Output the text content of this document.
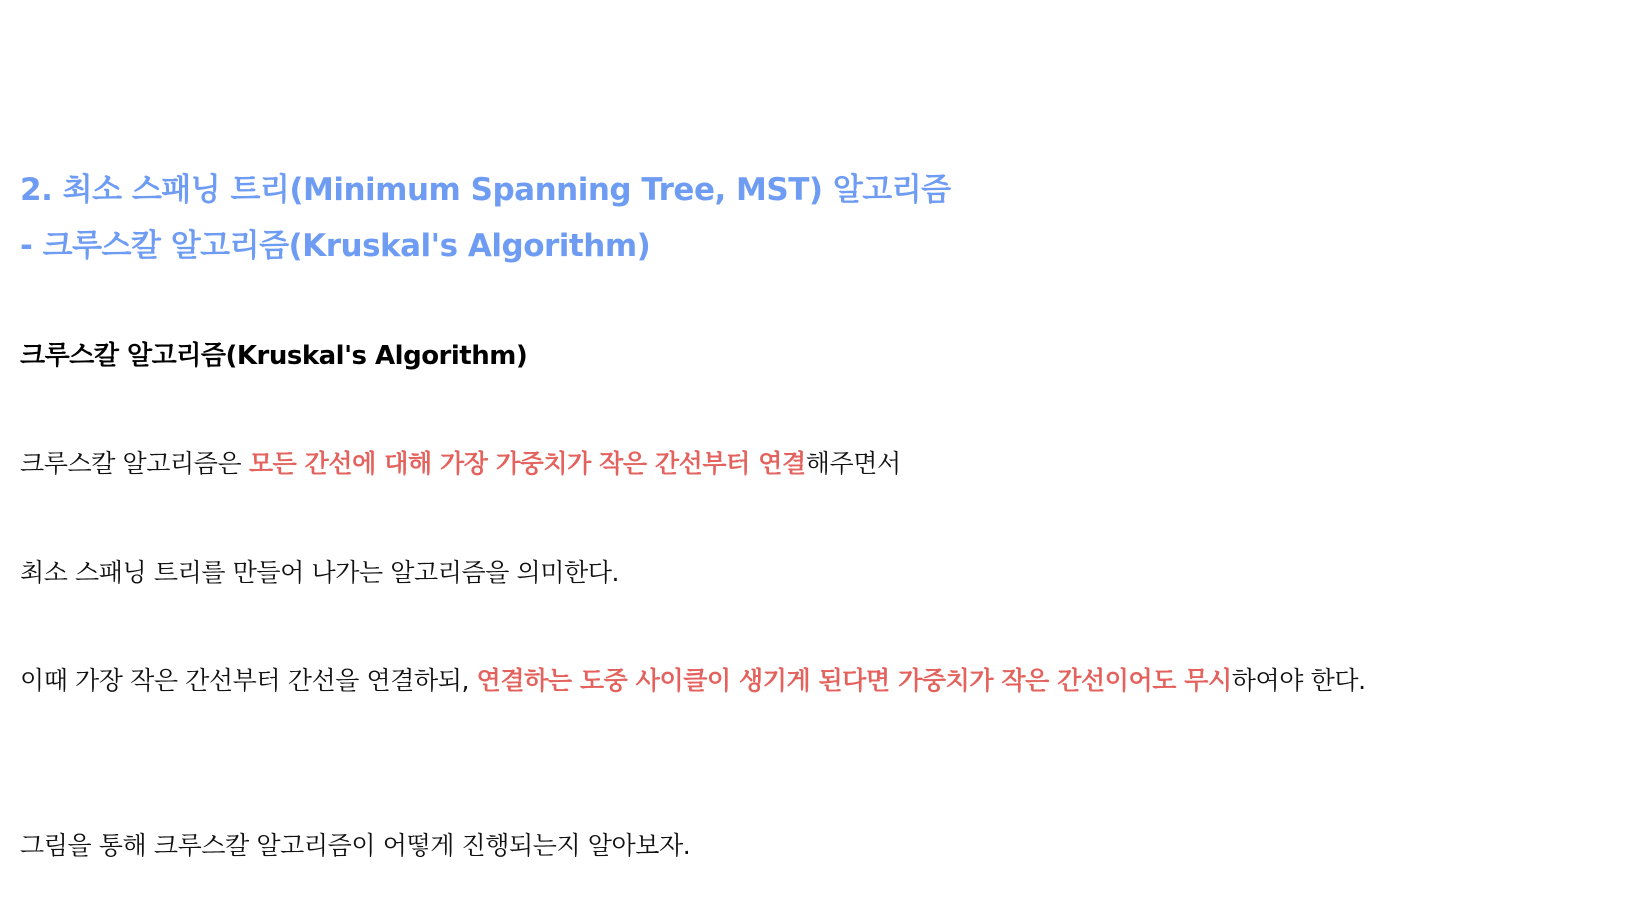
2. 최소 스패닝 트리(Minimum Spanning Tree, MST) 알고리즘
- 크루스칼 알고리즘(Kruskal's Algorithm)

크루스칼 알고리즘(Kruskal's Algorithm)

크루스칼 알고리즘은 모든 간선에 대해 가장 가중치가 작은 간선부터 연결해주면서

최소 스패닝 트리를 만들어 나가는 알고리즘을 의미한다.

이때 가장 작은 간선부터 간선을 연결하되, 연결하는 도중 사이클이 생기게 된다면 가중치가 작은 간선이어도 무시하여야 한다.

그림을 통해 크루스칼 알고리즘이 어떻게 진행되는지 알아보자.
